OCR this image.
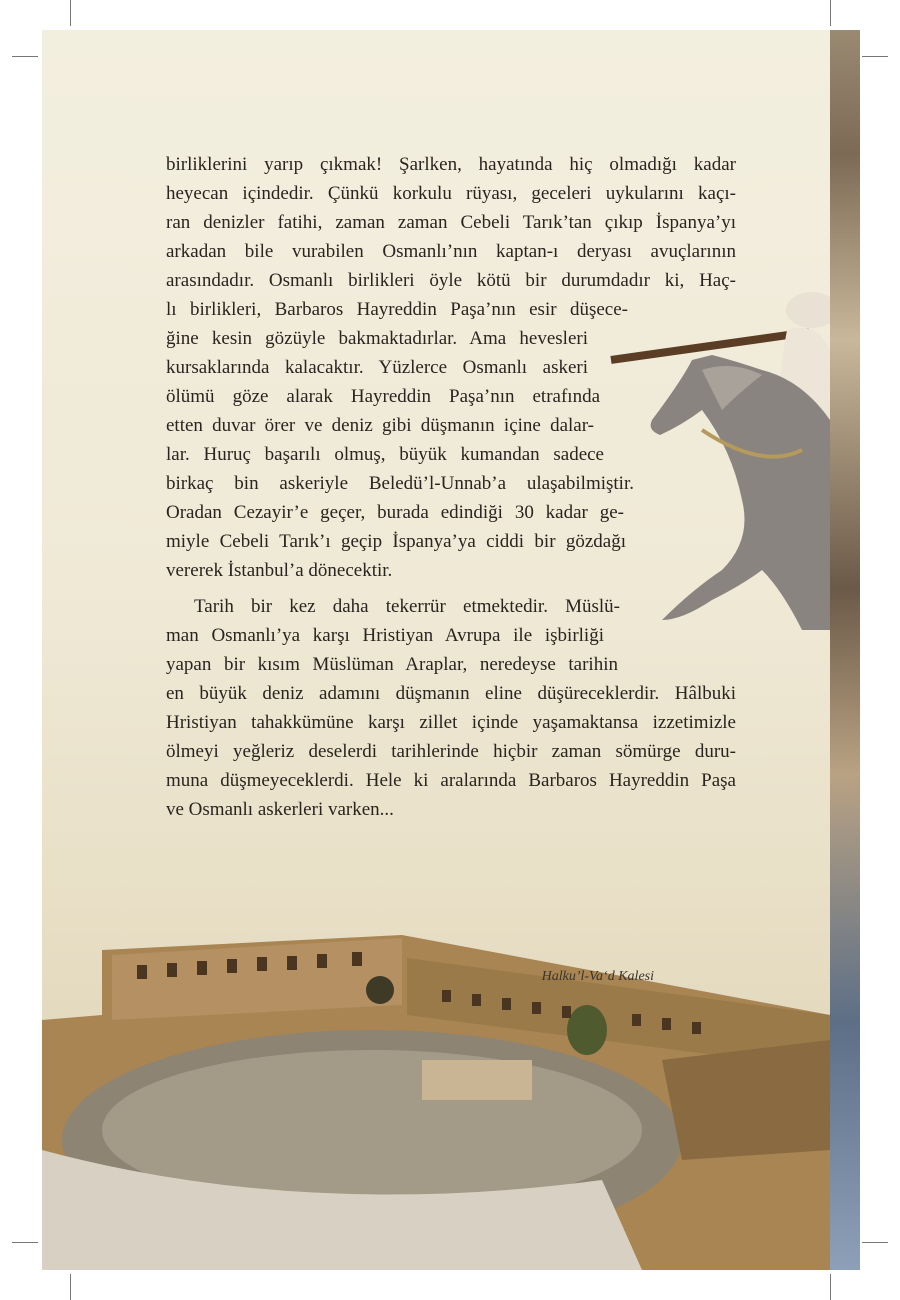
Halku’l-Va‘d Kalesi
birliklerini yarıp çıkmak! Şarlken, hayatında hiç olmadığı kadar
heyecan içindedir. Çünkü korkulu rüyası, geceleri uykularını kaçı-
ran denizler fatihi, zaman zaman Cebeli Tarık’tan çıkıp İspanya’yı
arkadan bile vurabilen Osmanlı’nın kaptan-ı deryası avuçlarının
arasındadır. Osmanlı birlikleri öyle kötü bir durumdadır ki, Haç-
lı birlikleri, Barbaros Hayreddin Paşa’nın esir düşece-
ğine kesin gözüyle bakmaktadırlar. Ama hevesleri
kursaklarında kalacaktır. Yüzlerce Osmanlı askeri
ölümü göze alarak Hayreddin Paşa’nın etrafında
etten duvar örer ve deniz gibi düşmanın içine dalar-
lar. Huruç başarılı olmuş, büyük kumandan sadece
birkaç bin askeriyle Beledü’l-Unnab’a ulaşabilmiştir.
Oradan Cezayir’e geçer, burada edindiği 30 kadar ge-
miyle Cebeli Tarık’ı geçip İspanya’ya ciddi bir gözdağı
vererek İstanbul’a dönecektir.
Tarih bir kez daha tekerrür etmektedir. Müslü-
man Osmanlı’ya karşı Hristiyan Avrupa ile işbirliği
yapan bir kısım Müslüman Araplar, neredeyse tarihin
en büyük deniz adamını düşmanın eline düşüreceklerdir. Hâlbuki
Hristiyan tahakkümüne karşı zillet içinde yaşamaktansa izzetimizle
ölmeyi yeğleriz deselerdi tarihlerinde hiçbir zaman sömürge duru-
muna düşmeyeceklerdi. Hele ki aralarında Barbaros Hayreddin Paşa
ve Osmanlı askerleri varken...
